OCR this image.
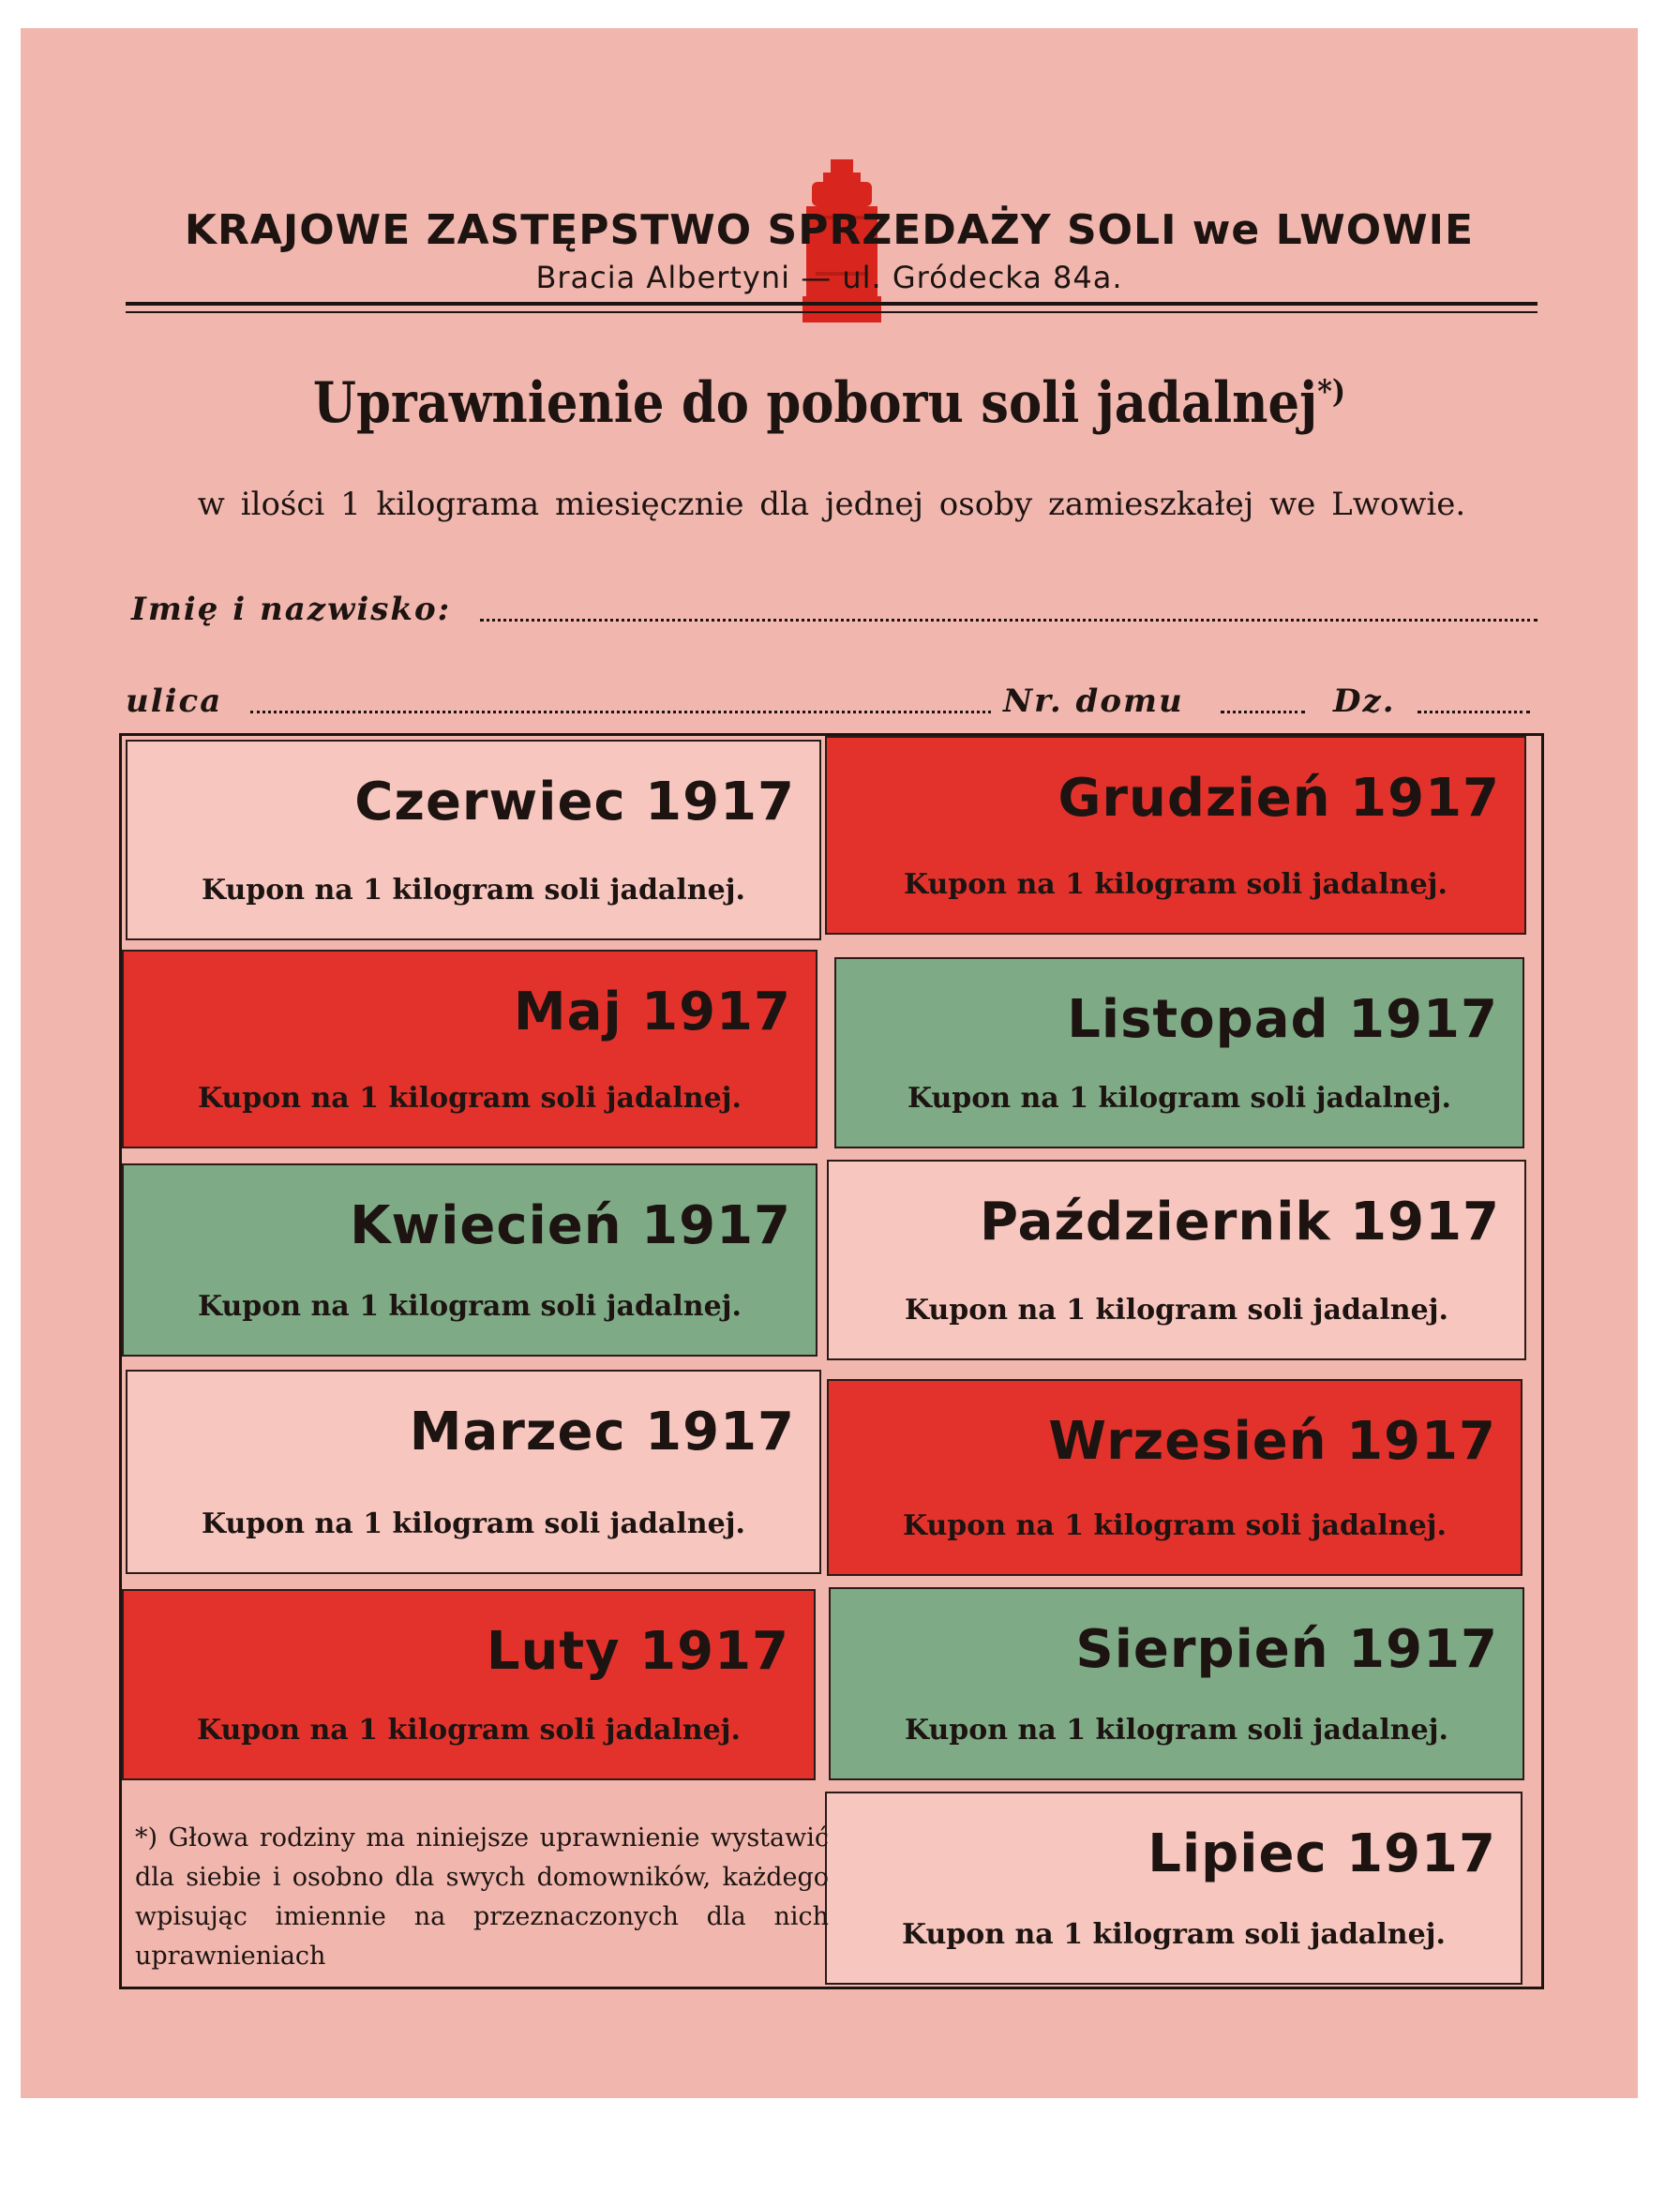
KRAJOWE ZASTĘPSTWO SPRZEDAŻY SOLI we LWOWIE
Bracia Albertyni — ul. Gródecka 84a.
Uprawnienie do poboru soli jadalnej*)
w ilości 1 kilograma miesięcznie dla jednej osoby zamieszkałej we Lwowie.
Imię i nazwisko:
ulica	Nr. domu	Dz.
Czerwiec 1917
Kupon na 1 kilogram soli jadalnej.
Grudzień 1917
Kupon na 1 kilogram soli jadalnej.
Maj 1917
Kupon na 1 kilogram soli jadalnej.
Listopad 1917
Kupon na 1 kilogram soli jadalnej.
Kwiecień 1917
Kupon na 1 kilogram soli jadalnej.
Październik 1917
Kupon na 1 kilogram soli jadalnej.
Marzec 1917
Kupon na 1 kilogram soli jadalnej.
Wrzesień 1917
Kupon na 1 kilogram soli jadalnej.
Luty 1917
Kupon na 1 kilogram soli jadalnej.
Sierpień 1917
Kupon na 1 kilogram soli jadalnej.
Lipiec 1917
Kupon na 1 kilogram soli jadalnej.
*) Głowa rodziny ma niniejsze uprawnienie wystawić dla siebie i osobno dla swych domowników, każdego wpisując imiennie na przeznaczonych dla nich uprawnieniach
